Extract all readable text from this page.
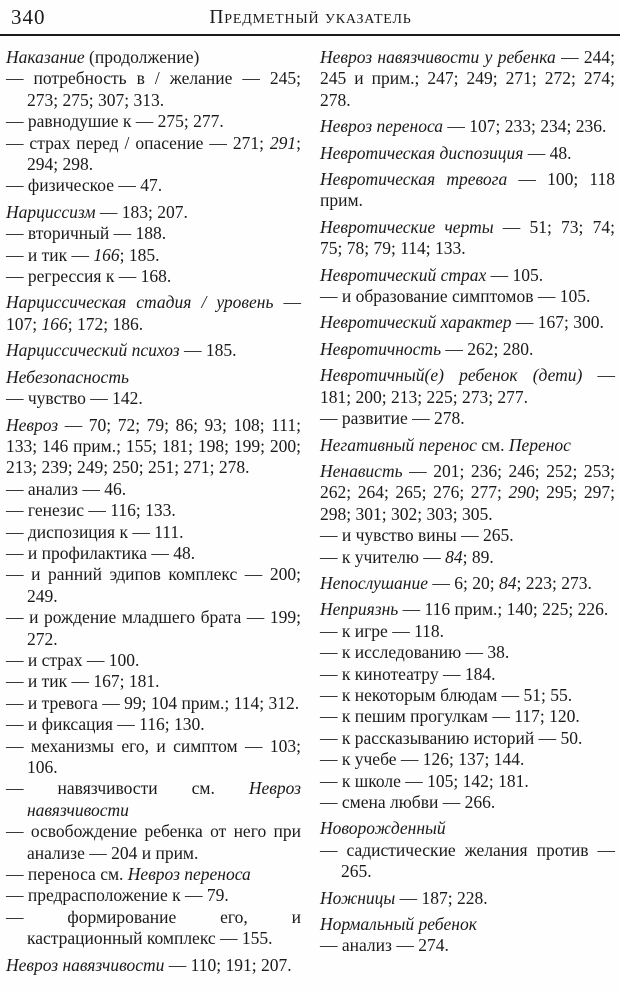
340	Предметный указатель

Наказание (продолжение)

— потребность в / желание — 245; 273; 275; 307; 313.

— равнодушие к — 275; 277.

— страх перед / опасение — 271; 291; 294; 298.

— физическое — 47.

Нарциссизм — 183; 207.

— вторичный — 188.

— и тик — 166; 185.

— регрессия к — 168.

Нарциссическая стадия / уровень — 107; 166; 172; 186.

Нарциссический психоз — 185.

Небезопасность

— чувство — 142.

Невроз — 70; 72; 79; 86; 93; 108; 111; 133; 146 прим.; 155; 181; 198; 199; 200; 213; 239; 249; 250; 251; 271; 278.

— анализ — 46.

— генезис — 116; 133.

— диспозиция к — 111.

— и профилактика — 48.

— и ранний эдипов комплекс — 200; 249.

— и рождение младшего брата — 199; 272.

— и страх — 100.

— и тик — 167; 181.

— и тревога — 99; 104 прим.; 114; 312.

— и фиксация — 116; 130.

— механизмы его, и симптом — 103; 106.

— навязчивости см. Невроз навязчивости

— освобождение ребенка от него при анализе — 204 и прим.

— переноса см. Невроз переноса

— предрасположение к — 79.

— формирование его, и кастрационный комплекс — 155.

Невроз навязчивости — 110; 191; 207.

Невроз навязчивости у ребенка — 244; 245 и прим.; 247; 249; 271; 272; 274; 278.

Невроз переноса — 107; 233; 234; 236.

Невротическая диспозиция — 48.

Невротическая тревога — 100; 118 прим.

Невротические черты — 51; 73; 74; 75; 78; 79; 114; 133.

Невротический страх — 105.

— и образование симптомов — 105.

Невротический характер — 167; 300.

Невротичность — 262; 280.

Невротичный(е) ребенок (дети) — 181; 200; 213; 225; 273; 277.

— развитие — 278.

Негативный перенос см. Перенос

Ненависть — 201; 236; 246; 252; 253; 262; 264; 265; 276; 277; 290; 295; 297; 298; 301; 302; 303; 305.

— и чувство вины — 265.

— к учителю — 84; 89.

Непослушание — 6; 20; 84; 223; 273.

Неприязнь — 116 прим.; 140; 225; 226.

— к игре — 118.

— к исследованию — 38.

— к кинотеатру — 184.

— к некоторым блюдам — 51; 55.

— к пешим прогулкам — 117; 120.

— к рассказыванию историй — 50.

— к учебе — 126; 137; 144.

— к школе — 105; 142; 181.

— смена любви — 266.

Новорожденный

— садистические желания против — 265.

Ножницы — 187; 228.

Нормальный ребенок

— анализ — 274.
